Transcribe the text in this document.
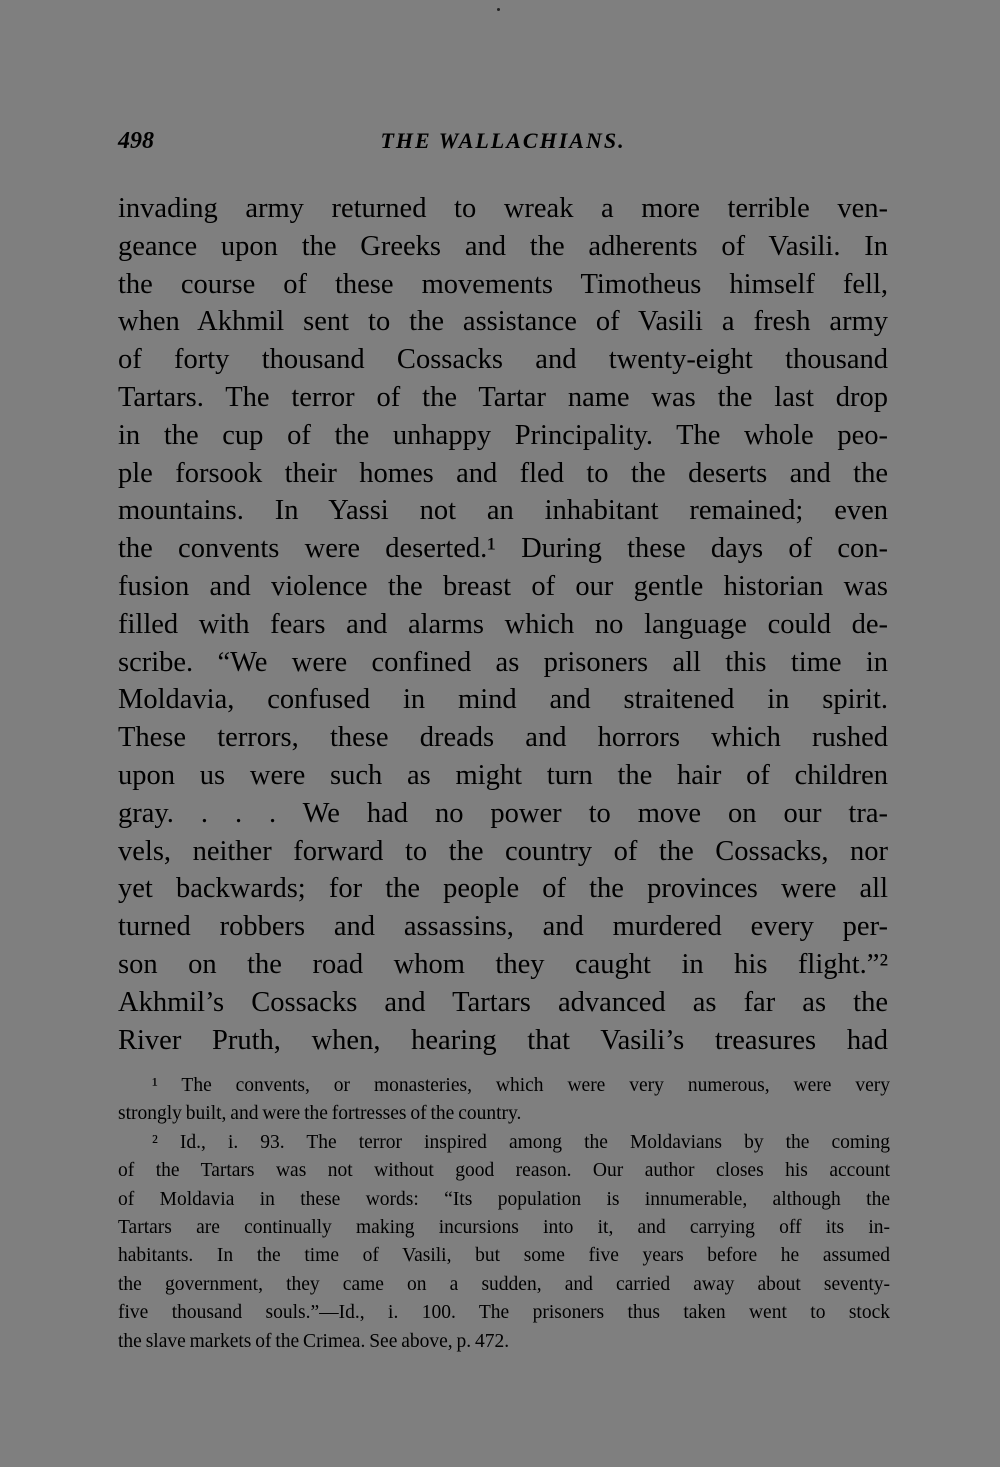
498	THE WALLACHIANS.
invading army returned to wreak a more terrible ven-
geance upon the Greeks and the adherents of Vasili. In
the course of these movements Timotheus himself fell,
when Akhmil sent to the assistance of Vasili a fresh army
of forty thousand Cossacks and twenty-eight thousand
Tartars. The terror of the Tartar name was the last drop
in the cup of the unhappy Principality. The whole peo-
ple forsook their homes and fled to the deserts and the
mountains. In Yassi not an inhabitant remained; even
the convents were deserted.¹ During these days of con-
fusion and violence the breast of our gentle historian was
filled with fears and alarms which no language could de-
scribe. “We were confined as prisoners all this time in
Moldavia, confused in mind and straitened in spirit.
These terrors, these dreads and horrors which rushed
upon us were such as might turn the hair of children
gray. . . . We had no power to move on our tra-
vels, neither forward to the country of the Cossacks, nor
yet backwards; for the people of the provinces were all
turned robbers and assassins, and murdered every per-
son on the road whom they caught in his flight.”²
Akhmil’s Cossacks and Tartars advanced as far as the
River Pruth, when, hearing that Vasili’s treasures had
¹ The convents, or monasteries, which were very numerous, were very
strongly built, and were the fortresses of the country.
² Id., i. 93. The terror inspired among the Moldavians by the coming
of the Tartars was not without good reason. Our author closes his account
of Moldavia in these words: “Its population is innumerable, although the
Tartars are continually making incursions into it, and carrying off its in-
habitants. In the time of Vasili, but some five years before he assumed
the government, they came on a sudden, and carried away about seventy-
five thousand souls.”—Id., i. 100. The prisoners thus taken went to stock
the slave markets of the Crimea. See above, p. 472.
